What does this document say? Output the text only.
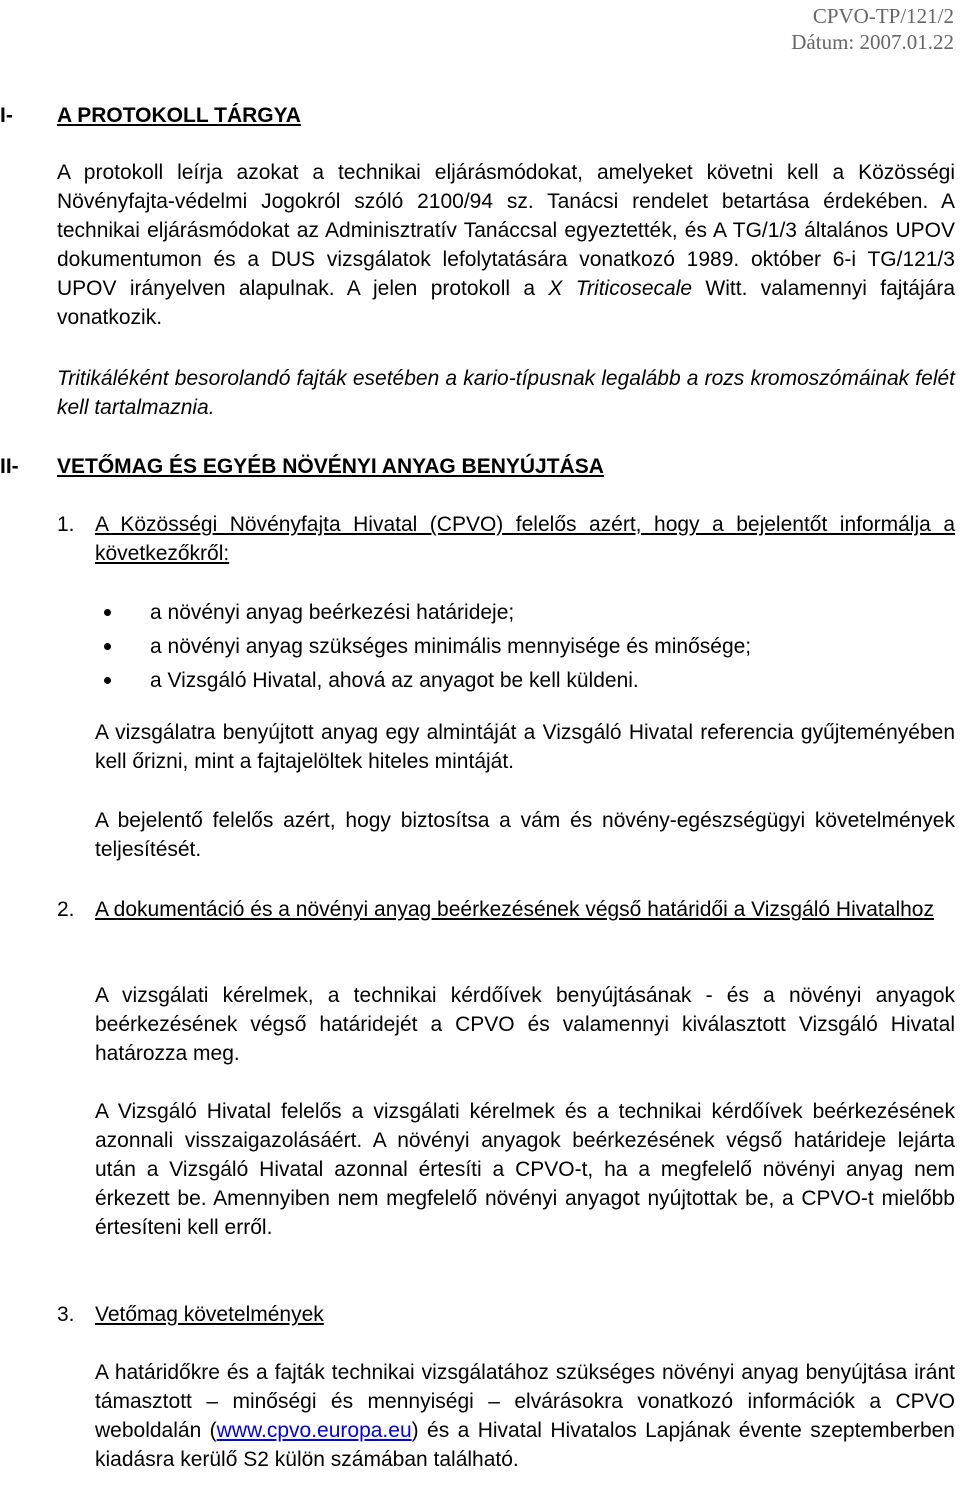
CPVO-TP/121/2
Dátum: 2007.01.22
I- A PROTOKOLL TÁRGYA
A protokoll leírja azokat a technikai eljárásmódokat, amelyeket követni kell a Közösségi Növényfajta-védelmi Jogokról szóló 2100/94 sz. Tanácsi rendelet betartása érdekében. A technikai eljárásmódokat az Adminisztratív Tanáccsal egyeztették, és A TG/1/3 általános UPOV dokumentumon és a DUS vizsgálatok lefolytatására vonatkozó 1989. október 6-i TG/121/3 UPOV irányelven alapulnak. A jelen protokoll a X Triticosecale Witt. valamennyi fajtájára vonatkozik.
Tritikáléként besorolandó fajták esetében a kario-típusnak legalább a rozs kromoszómáinak felét kell tartalmaznia.
II- VETŐMAG ÉS EGYÉB NÖVÉNYI ANYAG BENYÚJTÁSA
1. A Közösségi Növényfajta Hivatal (CPVO) felelős azért, hogy a bejelentőt informálja a következőkről:
a növényi anyag beérkezési határideje;
a növényi anyag szükséges minimális mennyisége és minősége;
a Vizsgáló Hivatal, ahová az anyagot be kell küldeni.
A vizsgálatra benyújtott anyag egy almintáját a Vizsgáló Hivatal referencia gyűjteményében kell őrizni, mint a fajtajelöltek hiteles mintáját.
A bejelentő felelős azért, hogy biztosítsa a vám és növény-egészségügyi követelmények teljesítését.
2. A dokumentáció és a növényi anyag beérkezésének végső határidői a Vizsgáló Hivatalhoz
A vizsgálati kérelmek, a technikai kérdőívek benyújtásának - és a növényi anyagok beérkezésének végső határidejét a CPVO és valamennyi kiválasztott Vizsgáló Hivatal határozza meg.
A Vizsgáló Hivatal felelős a vizsgálati kérelmek és a technikai kérdőívek beérkezésének azonnali visszaigazolásáért. A növényi anyagok beérkezésének végső határideje lejárta után a Vizsgáló Hivatal azonnal értesíti a CPVO-t, ha a megfelelő növényi anyag nem érkezett be. Amennyiben nem megfelelő növényi anyagot nyújtottak be, a CPVO-t mielőbb értesíteni kell erről.
3. Vetőmag követelmények
A határidőkre és a fajták technikai vizsgálatához szükséges növényi anyag benyújtása iránt támasztott – minőségi és mennyiségi – elvárásokra vonatkozó információk a CPVO weboldalán (www.cpvo.europa.eu) és a Hivatal Hivatalos Lapjának évente szeptemberben kiadásra kerülő S2 külön számában található.
